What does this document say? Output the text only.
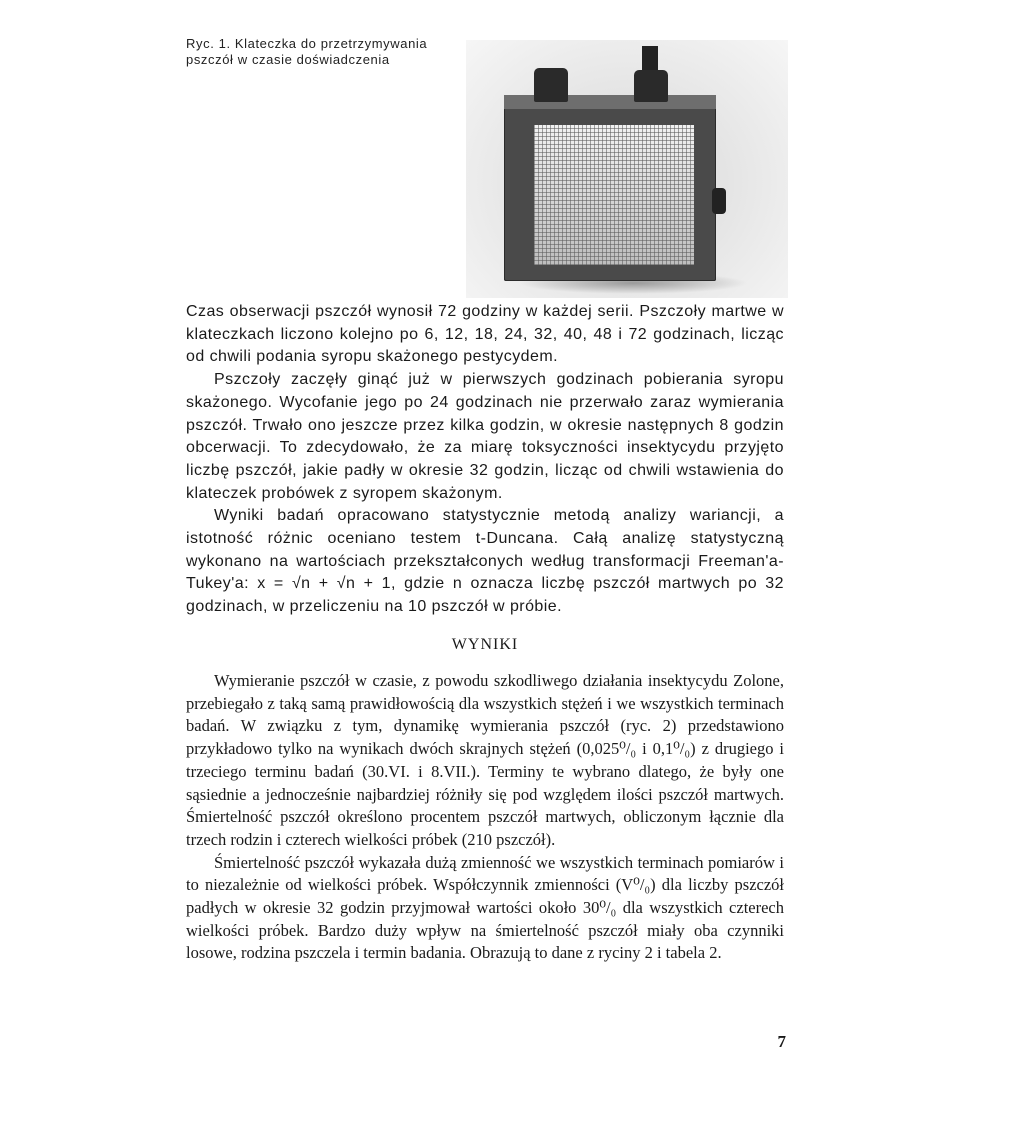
Ryc. 1. Klateczka do przetrzymywania pszczół w czasie doświadczenia

Czas obserwacji pszczół wynosił 72 godziny w każdej serii. Pszczoły martwe w klateczkach liczono kolejno po 6, 12, 18, 24, 32, 40, 48 i 72 godzinach, licząc od chwili podania syropu skażonego pestycydem.

Pszczoły zaczęły ginąć już w pierwszych godzinach pobierania syropu skażonego. Wycofanie jego po 24 godzinach nie przerwało zaraz wymierania pszczół. Trwało ono jeszcze przez kilka godzin, w okresie następnych 8 godzin obcerwacji. To zdecydowało, że za miarę toksyczności insektycydu przyjęto liczbę pszczół, jakie padły w okresie 32 godzin, licząc od chwili wstawienia do klateczek probówek z syropem skażonym.

Wyniki badań opracowano statystycznie metodą analizy wariancji, a istotność różnic oceniano testem t-Duncana. Całą analizę statystyczną wykonano na wartościach przekształconych według transformacji Freeman'a-Tukey'a: x = √n + √n + 1, gdzie n oznacza liczbę pszczół martwych po 32 godzinach, w przeliczeniu na 10 pszczół w próbie.

WYNIKI

Wymieranie pszczół w czasie, z powodu szkodliwego działania insektycydu Zolone, przebiegało z taką samą prawidłowością dla wszystkich stężeń i we wszystkich terminach badań. W związku z tym, dynamikę wymierania pszczół (ryc. 2) przedstawiono przykładowo tylko na wynikach dwóch skrajnych stężeń (0,025⁰/₀ i 0,1⁰/₀) z drugiego i trzeciego terminu badań (30.VI. i 8.VII.). Terminy te wybrano dlatego, że były one sąsiednie a jednocześnie najbardziej różniły się pod względem ilości pszczół martwych. Śmiertelność pszczół określono procentem pszczół martwych, obliczonym łącznie dla trzech rodzin i czterech wielkości próbek (210 pszczół).

Śmiertelność pszczół wykazała dużą zmienność we wszystkich terminach pomiarów i to niezależnie od wielkości próbek. Współczynnik zmienności (V⁰/₀) dla liczby pszczół padłych w okresie 32 godzin przyjmował wartości około 30⁰/₀ dla wszystkich czterech wielkości próbek. Bardzo duży wpływ na śmiertelność pszczół miały oba czynniki losowe, rodzina pszczela i termin badania. Obrazują to dane z ryciny 2 i tabela 2.

7
